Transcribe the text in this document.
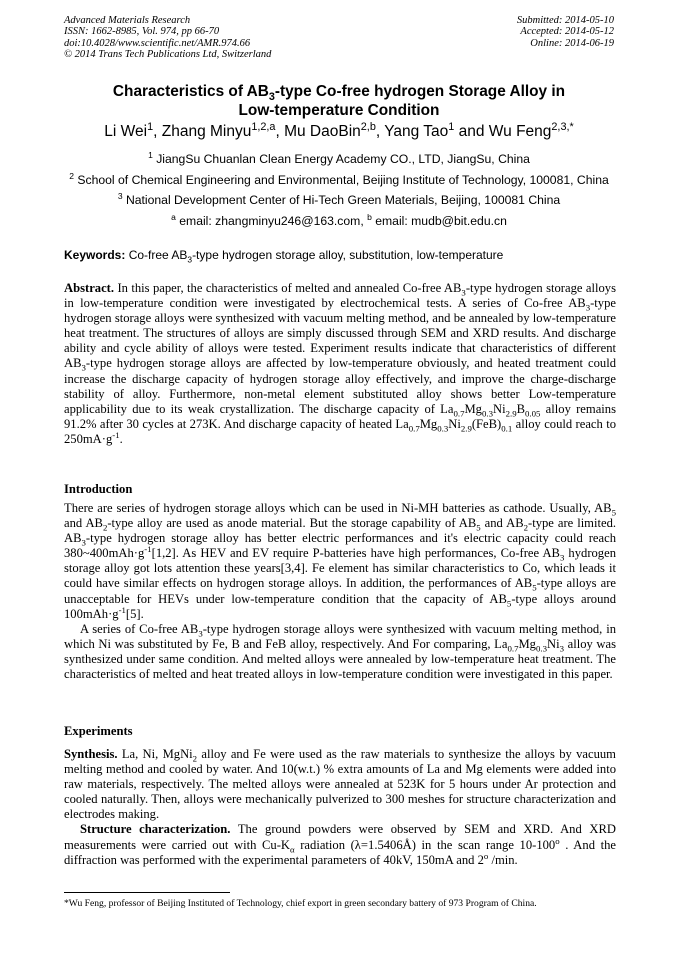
Advanced Materials Research
ISSN: 1662-8985, Vol. 974, pp 66-70
doi:10.4028/www.scientific.net/AMR.974.66
© 2014 Trans Tech Publications Ltd, Switzerland
Submitted: 2014-05-10
Accepted: 2014-05-12
Online: 2014-06-19
Characteristics of $AB_3$-type Co-free hydrogen Storage Alloy in
Low-temperature Condition
Li Wei$^1$, Zhang Minyu$^{1,2,a}$, Mu DaoBin$^{2,b}$, Yang Tao$^1$ and Wu Feng$^{2,3,*}$
$^1$ JiangSu Chuanlan Clean Energy Academy CO., LTD, JiangSu, China
$^2$ School of Chemical Engineering and Environmental, Beijing Institute of Technology, 100081, China
$^3$ National Development Center of Hi-Tech Green Materials, Beijing, 100081 China
$^a$ email: zhangminyu246@163.com, $^b$ email: mudb@bit.edu.cn
Keywords: Co-free $AB_3$-type hydrogen storage alloy, substitution, low-temperature

Abstract. In this paper, the characteristics of melted and annealed Co-free $AB_3$-type hydrogen storage alloys in low-temperature condition were investigated by electrochemical tests. A series of Co-free $AB_3$-type hydrogen storage alloys were synthesized with vacuum melting method, and be annealed by low-temperature heat treatment. The structures of alloys are simply discussed through SEM and XRD results. And discharge ability and cycle ability of alloys were tested. Experiment results indicate that characteristics of different $AB_3$-type hydrogen storage alloys are affected by low-temperature obviously, and heated treatment could increase the discharge capacity of hydrogen storage alloy effectively, and improve the charge-discharge stability of alloy. Furthermore, non-metal element substituted alloy shows better Low-temperature applicability due to its weak crystallization. The discharge capacity of $La_{0.7}Mg_{0.3}Ni_{2.9}B_{0.05}$ alloy remains 91.2% after 30 cycles at 273K. And discharge capacity of heated $La_{0.7}Mg_{0.3}Ni_{2.9}(FeB)_{0.1}$ alloy could reach to $250mA\cdot g^{-1}$.

Introduction

There are series of hydrogen storage alloys which can be used in Ni-MH batteries as cathode. Usually, $AB_5$ and $AB_2$-type alloy are used as anode material. But the storage capability of $AB_5$ and $AB_2$-type are limited. $AB_3$-type hydrogen storage alloy has better electric performances and it's electric capacity could reach $380\sim 400mAh\cdot g^{-1}[1,2]$. As HEV and EV require P-batteries have high performances, Co-free $AB_3$ hydrogen storage alloy got lots attention these years[3,4]. Fe element has similar characteristics to Co, which leads it could have similar effects on hydrogen storage alloys. In addition, the performances of $AB_5$-type alloys are unacceptable for HEVs under low-temperature condition that the capacity of $AB_5$-type alloys around $100mAh\cdot g^{-1}[5]$.

A series of Co-free $AB_3$-type hydrogen storage alloys were synthesized with vacuum melting method, in which Ni was substituted by Fe, B and FeB alloy, respectively. And For comparing, $La_{0.7}Mg_{0.3}Ni_3$ alloy was synthesized under same condition. And melted alloys were annealed by low-temperature heat treatment. The characteristics of melted and heat treated alloys in low-temperature condition were investigated in this paper.

Experiments

Synthesis. La, Ni, MgNi$_2$ alloy and Fe were used as the raw materials to synthesize the alloys by vacuum melting method and cooled by water. And 10(w.t.) % extra amounts of La and Mg elements were added into raw materials, respectively. The melted alloys were annealed at 523K for 5 hours under Ar protection and cooled naturally. Then, alloys were mechanically pulverized to 300 meshes for structure characterization and electrodes making.

Structure characterization. The ground powders were observed by SEM and XRD. And XRD measurements were carried out with $Cu-K_\alpha$ radiation (λ=1.5406Å) in the scan range 10-100$^o$ . And the diffraction was performed with the experimental parameters of 40kV, 150mA and 2$^o$ /min.

*Wu Feng, professor of Beijing Instituted of Technology, chief export in green secondary battery of 973 Program of China.
